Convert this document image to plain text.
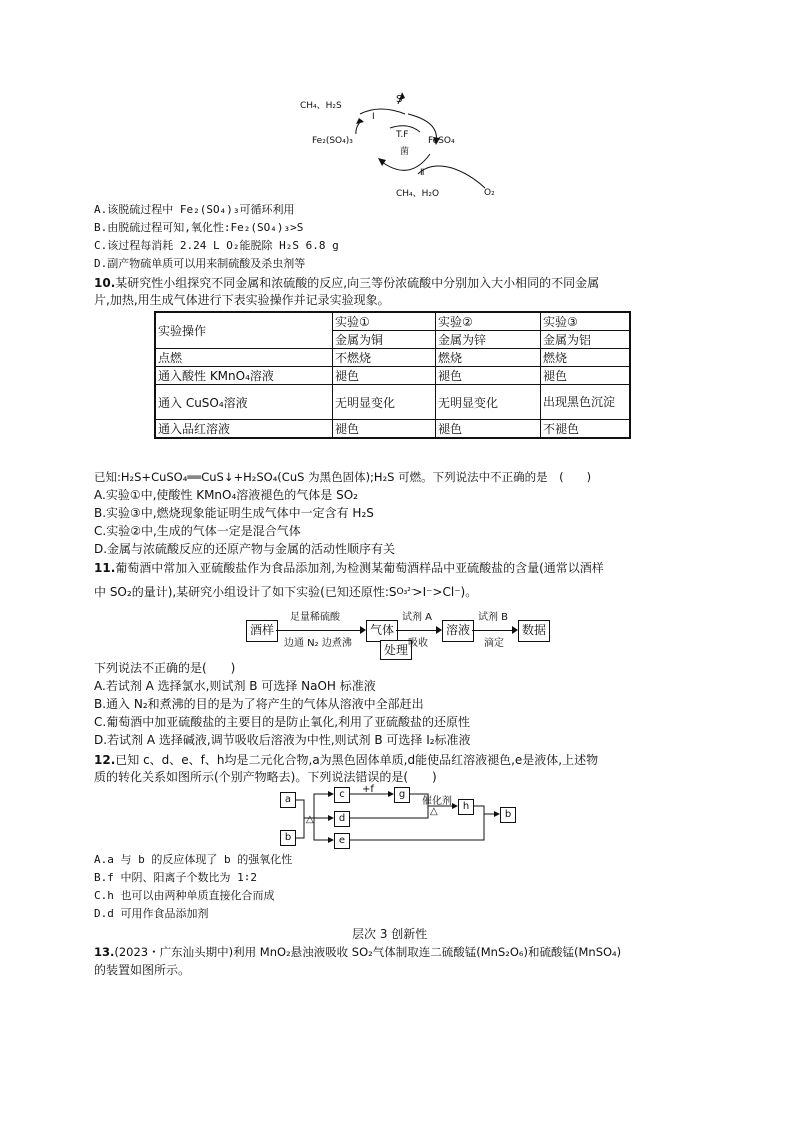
CH₄、H₂S
S
Ⅰ
Fe₂(SO₄)₃
T.F
菌
FeSO₄
Ⅱ
CH₄、H₂O	O₂
A.该脱硫过程中 Fe₂(SO₄)₃可循环利用
B.由脱硫过程可知,氧化性:Fe₂(SO₄)₃>S
C.该过程每消耗 2.24 L O₂能脱除 H₂S 6.8 g
D.副产物硫单质可以用来制硫酸及杀虫剂等
10.某研究性小组探究不同金属和浓硫酸的反应,向三等份浓硫酸中分别加入大小相同的不同金属
片,加热,用生成气体进行下表实验操作并记录实验现象。
实验操作	实验①	实验②	实验③
	金属为铜	金属为锌	金属为铝
点燃	不燃烧	燃烧	燃烧
通入酸性 KMnO₄溶液	褪色	褪色	褪色
通入 CuSO₄溶液	无明显变化	无明显变化	出现黑色沉淀
通入品红溶液	褪色	褪色	不褪色
已知:H₂S+CuSO₄══CuS↓+H₂SO₄(CuS 为黑色固体);H₂S 可燃。下列说法中不正确的是　(　　)
A.实验①中,使酸性 KMnO₄溶液褪色的气体是 SO₂
B.实验③中,燃烧现象能证明生成气体中一定含有 H₂S
C.实验②中,生成的气体一定是混合气体
D.金属与浓硫酸反应的还原产物与金属的活动性顺序有关
11.葡萄酒中常加入亚硫酸盐作为食品添加剂,为检测某葡萄酒样品中亚硫酸盐的含量(通常以酒样
中 SO₂的量计),某研究小组设计了如下实验(已知还原性:S O₃²⁻
>I⁻>Cl⁻)。
酒样
足量稀硫酸
边通 N₂ 边煮沸
气体
处理
试剂 A
吸收
溶液
试剂 B
滴定
数据
下列说法不正确的是(　　)
A.若试剂 A 选择氯水,则试剂 B 可选择 NaOH 标准液
B.通入 N₂和煮沸的目的是为了将产生的气体从溶液中全部赶出
C.葡萄酒中加亚硫酸盐的主要目的是防止氧化,利用了亚硫酸盐的还原性
D.若试剂 A 选择碱液,调节吸收后溶液为中性,则试剂 B 可选择 I₂标准液
12.已知 c、d、e、f、h均是二元化合物,a为黑色固体单质,d能使品红溶液褪色,e是液体,上述物
质的转化关系如图所示(个别产物略去)。下列说法错误的是(　　)
a
b
△
c
d
e
+f	g
催化剂
△	h
b
A.a 与 b 的反应体现了 b 的强氧化性
B.f 中阴、阳离子个数比为 1∶2
C.h 也可以由两种单质直接化合而成
D.d 可用作食品添加剂
层次 3 创新性
13.(2023・广东汕头期中)利用 MnO₂悬浊液吸收 SO₂气体制取连二硫酸锰(MnS₂O₆)和硫酸锰(MnSO₄)
的装置如图所示。
